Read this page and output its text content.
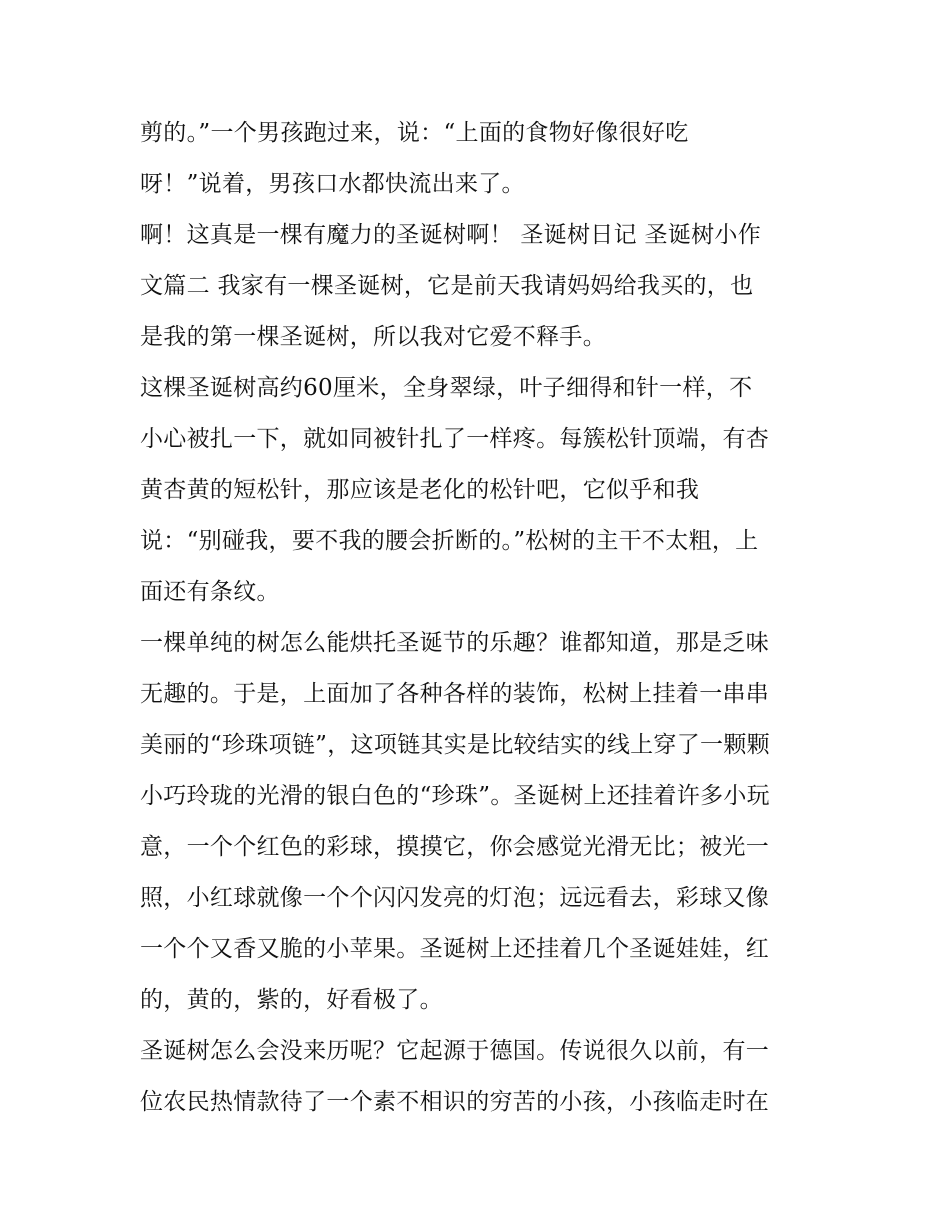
剪的。”一个男孩跑过来，说：“上面的食物好像很好吃
呀！”说着，男孩口水都快流出来了。
啊！这真是一棵有魔力的圣诞树啊！ 圣诞树日记 圣诞树小作
文篇二 我家有一棵圣诞树，它是前天我请妈妈给我买的，也
是我的第一棵圣诞树，所以我对它爱不释手。
这棵圣诞树高约60厘米，全身翠绿，叶子细得和针一样，不
小心被扎一下，就如同被针扎了一样疼。每簇松针顶端，有杏
黄杏黄的短松针，那应该是老化的松针吧，它似乎和我
说：“别碰我，要不我的腰会折断的。”松树的主干不太粗，上
面还有条纹。
一棵单纯的树怎么能烘托圣诞节的乐趣？谁都知道，那是乏味
无趣的。于是，上面加了各种各样的装饰，松树上挂着一串串
美丽的“珍珠项链”，这项链其实是比较结实的线上穿了一颗颗
小巧玲珑的光滑的银白色的“珍珠”。圣诞树上还挂着许多小玩
意，一个个红色的彩球，摸摸它，你会感觉光滑无比；被光一
照，小红球就像一个个闪闪发亮的灯泡；远远看去，彩球又像
一个个又香又脆的小苹果。圣诞树上还挂着几个圣诞娃娃，红
的，黄的，紫的，好看极了。
圣诞树怎么会没来历呢？它起源于德国。传说很久以前，有一
位农民热情款待了一个素不相识的穷苦的小孩，小孩临走时在
